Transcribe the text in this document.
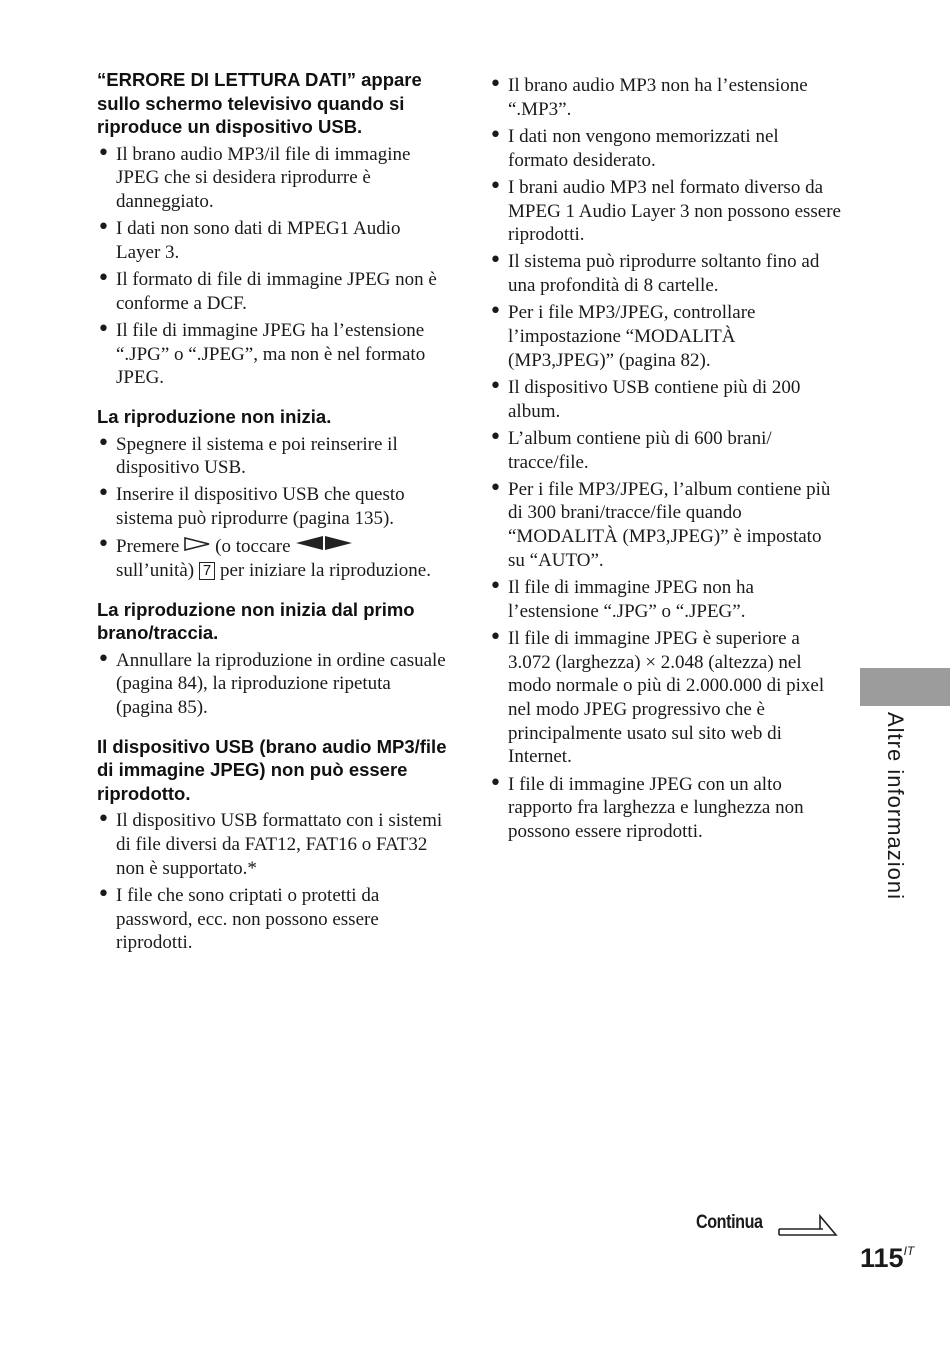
“ERRORE DI LETTURA DATI” appare sullo schermo televisivo quando si riproduce un dispositivo USB.

• Il brano audio MP3/il file di immagine JPEG che si desidera riprodurre è danneggiato.
• I dati non sono dati di MPEG1 Audio Layer 3.
• Il formato di file di immagine JPEG non è conforme a DCF.
• Il file di immagine JPEG ha l’estensione “.JPG” o “.JPEG”, ma non è nel formato JPEG.

La riproduzione non inizia.

• Spegnere il sistema e poi reinserire il dispositivo USB.
• Inserire il dispositivo USB che questo sistema può riprodurre (pagina 135).
• Premere (o toccare
sull’unità) 7 per iniziare la riproduzione.

La riproduzione non inizia dal primo brano/traccia.

• Annullare la riproduzione in ordine casuale (pagina 84), la riproduzione ripetuta (pagina 85).

Il dispositivo USB (brano audio MP3/file di immagine JPEG) non può essere riprodotto.

• Il dispositivo USB formattato con i sistemi di file diversi da FAT12, FAT16 o FAT32 non è supportato.*
• I file che sono criptati o protetti da password, ecc. non possono essere riprodotti.
• Il brano audio MP3 non ha l’estensione “.MP3”.
• I dati non vengono memorizzati nel formato desiderato.
• I brani audio MP3 nel formato diverso da MPEG 1 Audio Layer 3 non possono essere riprodotti.
• Il sistema può riprodurre soltanto fino ad una profondità di 8 cartelle.
• Per i file MP3/JPEG, controllare l’impostazione “MODALITÀ (MP3,JPEG)” (pagina 82).
• Il dispositivo USB contiene più di 200 album.
• L’album contiene più di 600 brani/ tracce/file.
• Per i file MP3/JPEG, l’album contiene più di 300 brani/tracce/file quando “MODALITÀ (MP3,JPEG)” è impostato su “AUTO”.
• Il file di immagine JPEG non ha l’estensione “.JPG” o “.JPEG”.
• Il file di immagine JPEG è superiore a 3.072 (larghezza) × 2.048 (altezza) nel modo normale o più di 2.000.000 di pixel nel modo JPEG progressivo che è principalmente usato sul sito web di Internet.
• I file di immagine JPEG con un alto rapporto fra larghezza e lunghezza non possono essere riprodotti.	Altre informazioni
Continua
$115^{IT}$
